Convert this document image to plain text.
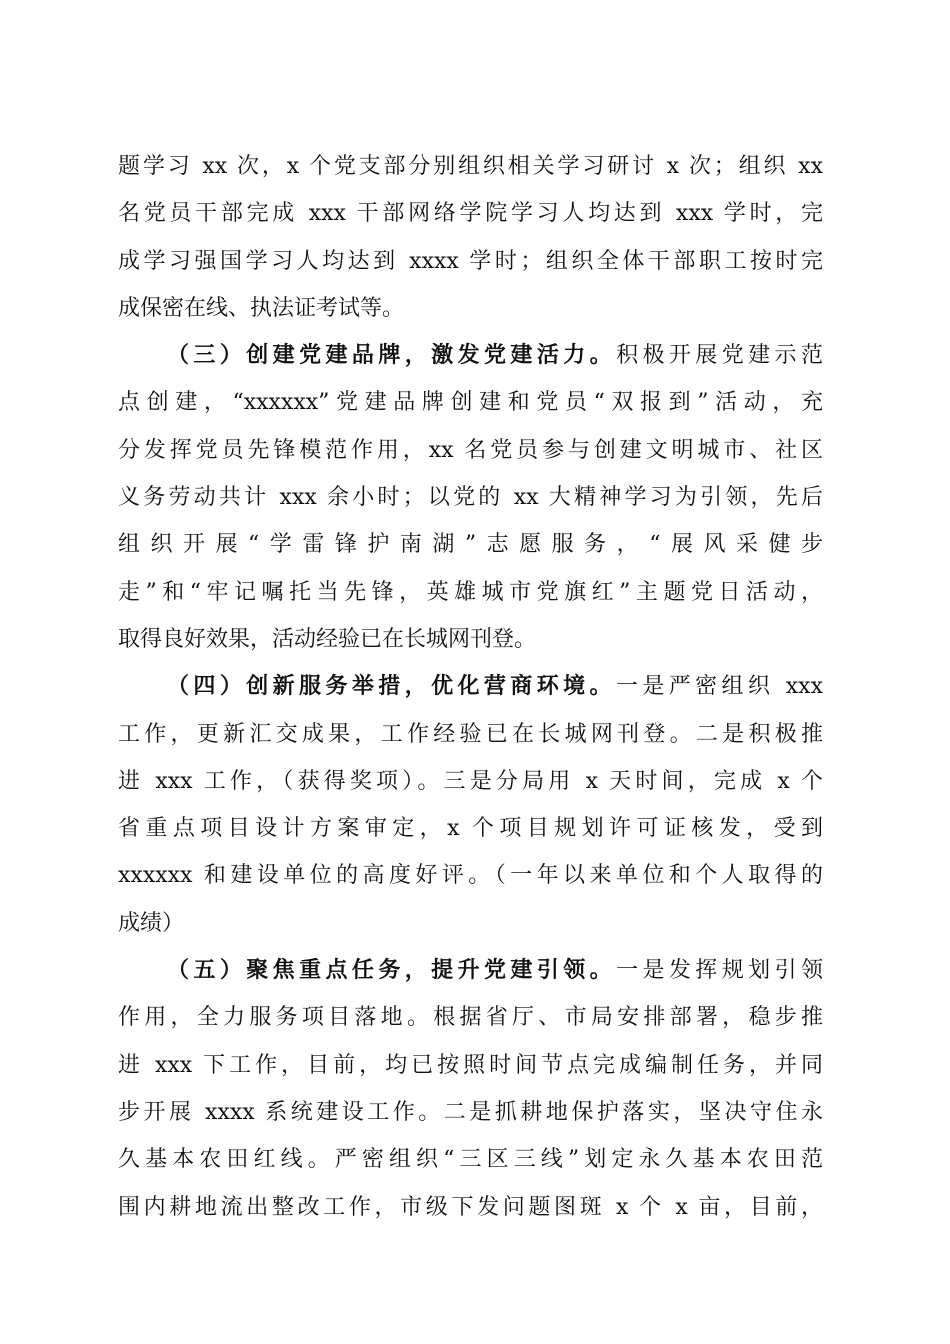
题学习 xx 次，x 个党支部分别组织相关学习研讨 x 次；组织 xx
名党员干部完成 xxx 干部网络学院学习人均达到 xxx 学时，完
成学习强国学习人均达到 xxxx 学时；组织全体干部职工按时完
成保密在线、执法证考试等。
（三）创建党建品牌，激发党建活力。积极开展党建示范
点创建，“xxxxxx”党建品牌创建和党员“双报到”活动，充
分发挥党员先锋模范作用，xx 名党员参与创建文明城市、社区
义务劳动共计 xxx 余小时；以党的 xx 大精神学习为引领，先后
组织开展“学雷锋护南湖”志愿服务，“展风采健步
走”和“牢记嘱托当先锋，英雄城市党旗红”主题党日活动，
取得良好效果，活动经验已在长城网刊登。
（四）创新服务举措，优化营商环境。一是严密组织 xxx
工作，更新汇交成果，工作经验已在长城网刊登。二是积极推
进 xxx 工作，（获得奖项）。三是分局用 x 天时间，完成 x 个
省重点项目设计方案审定，x 个项目规划许可证核发，受到
xxxxxx 和建设单位的高度好评。（一年以来单位和个人取得的
成绩）
（五）聚焦重点任务，提升党建引领。一是发挥规划引领
作用，全力服务项目落地。根据省厅、市局安排部署，稳步推
进 xxx 下工作，目前，均已按照时间节点完成编制任务，并同
步开展 xxxx 系统建设工作。二是抓耕地保护落实，坚决守住永
久基本农田红线。严密组织“三区三线”划定永久基本农田范
围内耕地流出整改工作，市级下发问题图斑 x 个 x 亩，目前，
